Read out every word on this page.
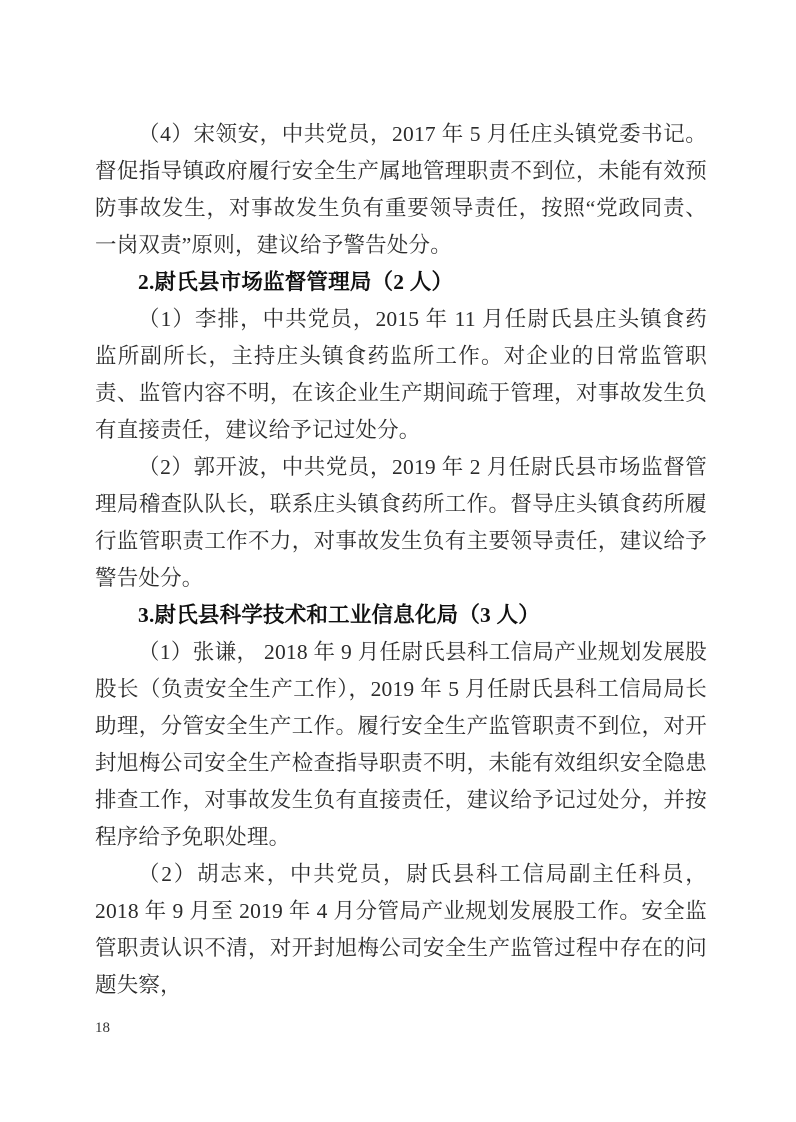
（4）宋领安，中共党员，2017 年 5 月任庄头镇党委书记。督促指导镇政府履行安全生产属地管理职责不到位，未能有效预防事故发生，对事故发生负有重要领导责任，按照“党政同责、一岗双责”原则，建议给予警告处分。

2.尉氏县市场监督管理局（2 人）

（1）李排，中共党员，2015 年 11 月任尉氏县庄头镇食药监所副所长，主持庄头镇食药监所工作。对企业的日常监管职责、监管内容不明，在该企业生产期间疏于管理，对事故发生负有直接责任，建议给予记过处分。

（2）郭开波，中共党员，2019 年 2 月任尉氏县市场监督管理局稽查队队长，联系庄头镇食药所工作。督导庄头镇食药所履行监管职责工作不力，对事故发生负有主要领导责任，建议给予警告处分。

3.尉氏县科学技术和工业信息化局（3 人）

（1）张谦， 2018 年 9 月任尉氏县科工信局产业规划发展股股长（负责安全生产工作），2019 年 5 月任尉氏县科工信局局长助理，分管安全生产工作。履行安全生产监管职责不到位，对开封旭梅公司安全生产检查指导职责不明，未能有效组织安全隐患排查工作，对事故发生负有直接责任，建议给予记过处分，并按程序给予免职处理。

（2）胡志来，中共党员，尉氏县科工信局副主任科员，2018 年 9 月至 2019 年 4 月分管局产业规划发展股工作。安全监管职责认识不清，对开封旭梅公司安全生产监管过程中存在的问题失察，

18
